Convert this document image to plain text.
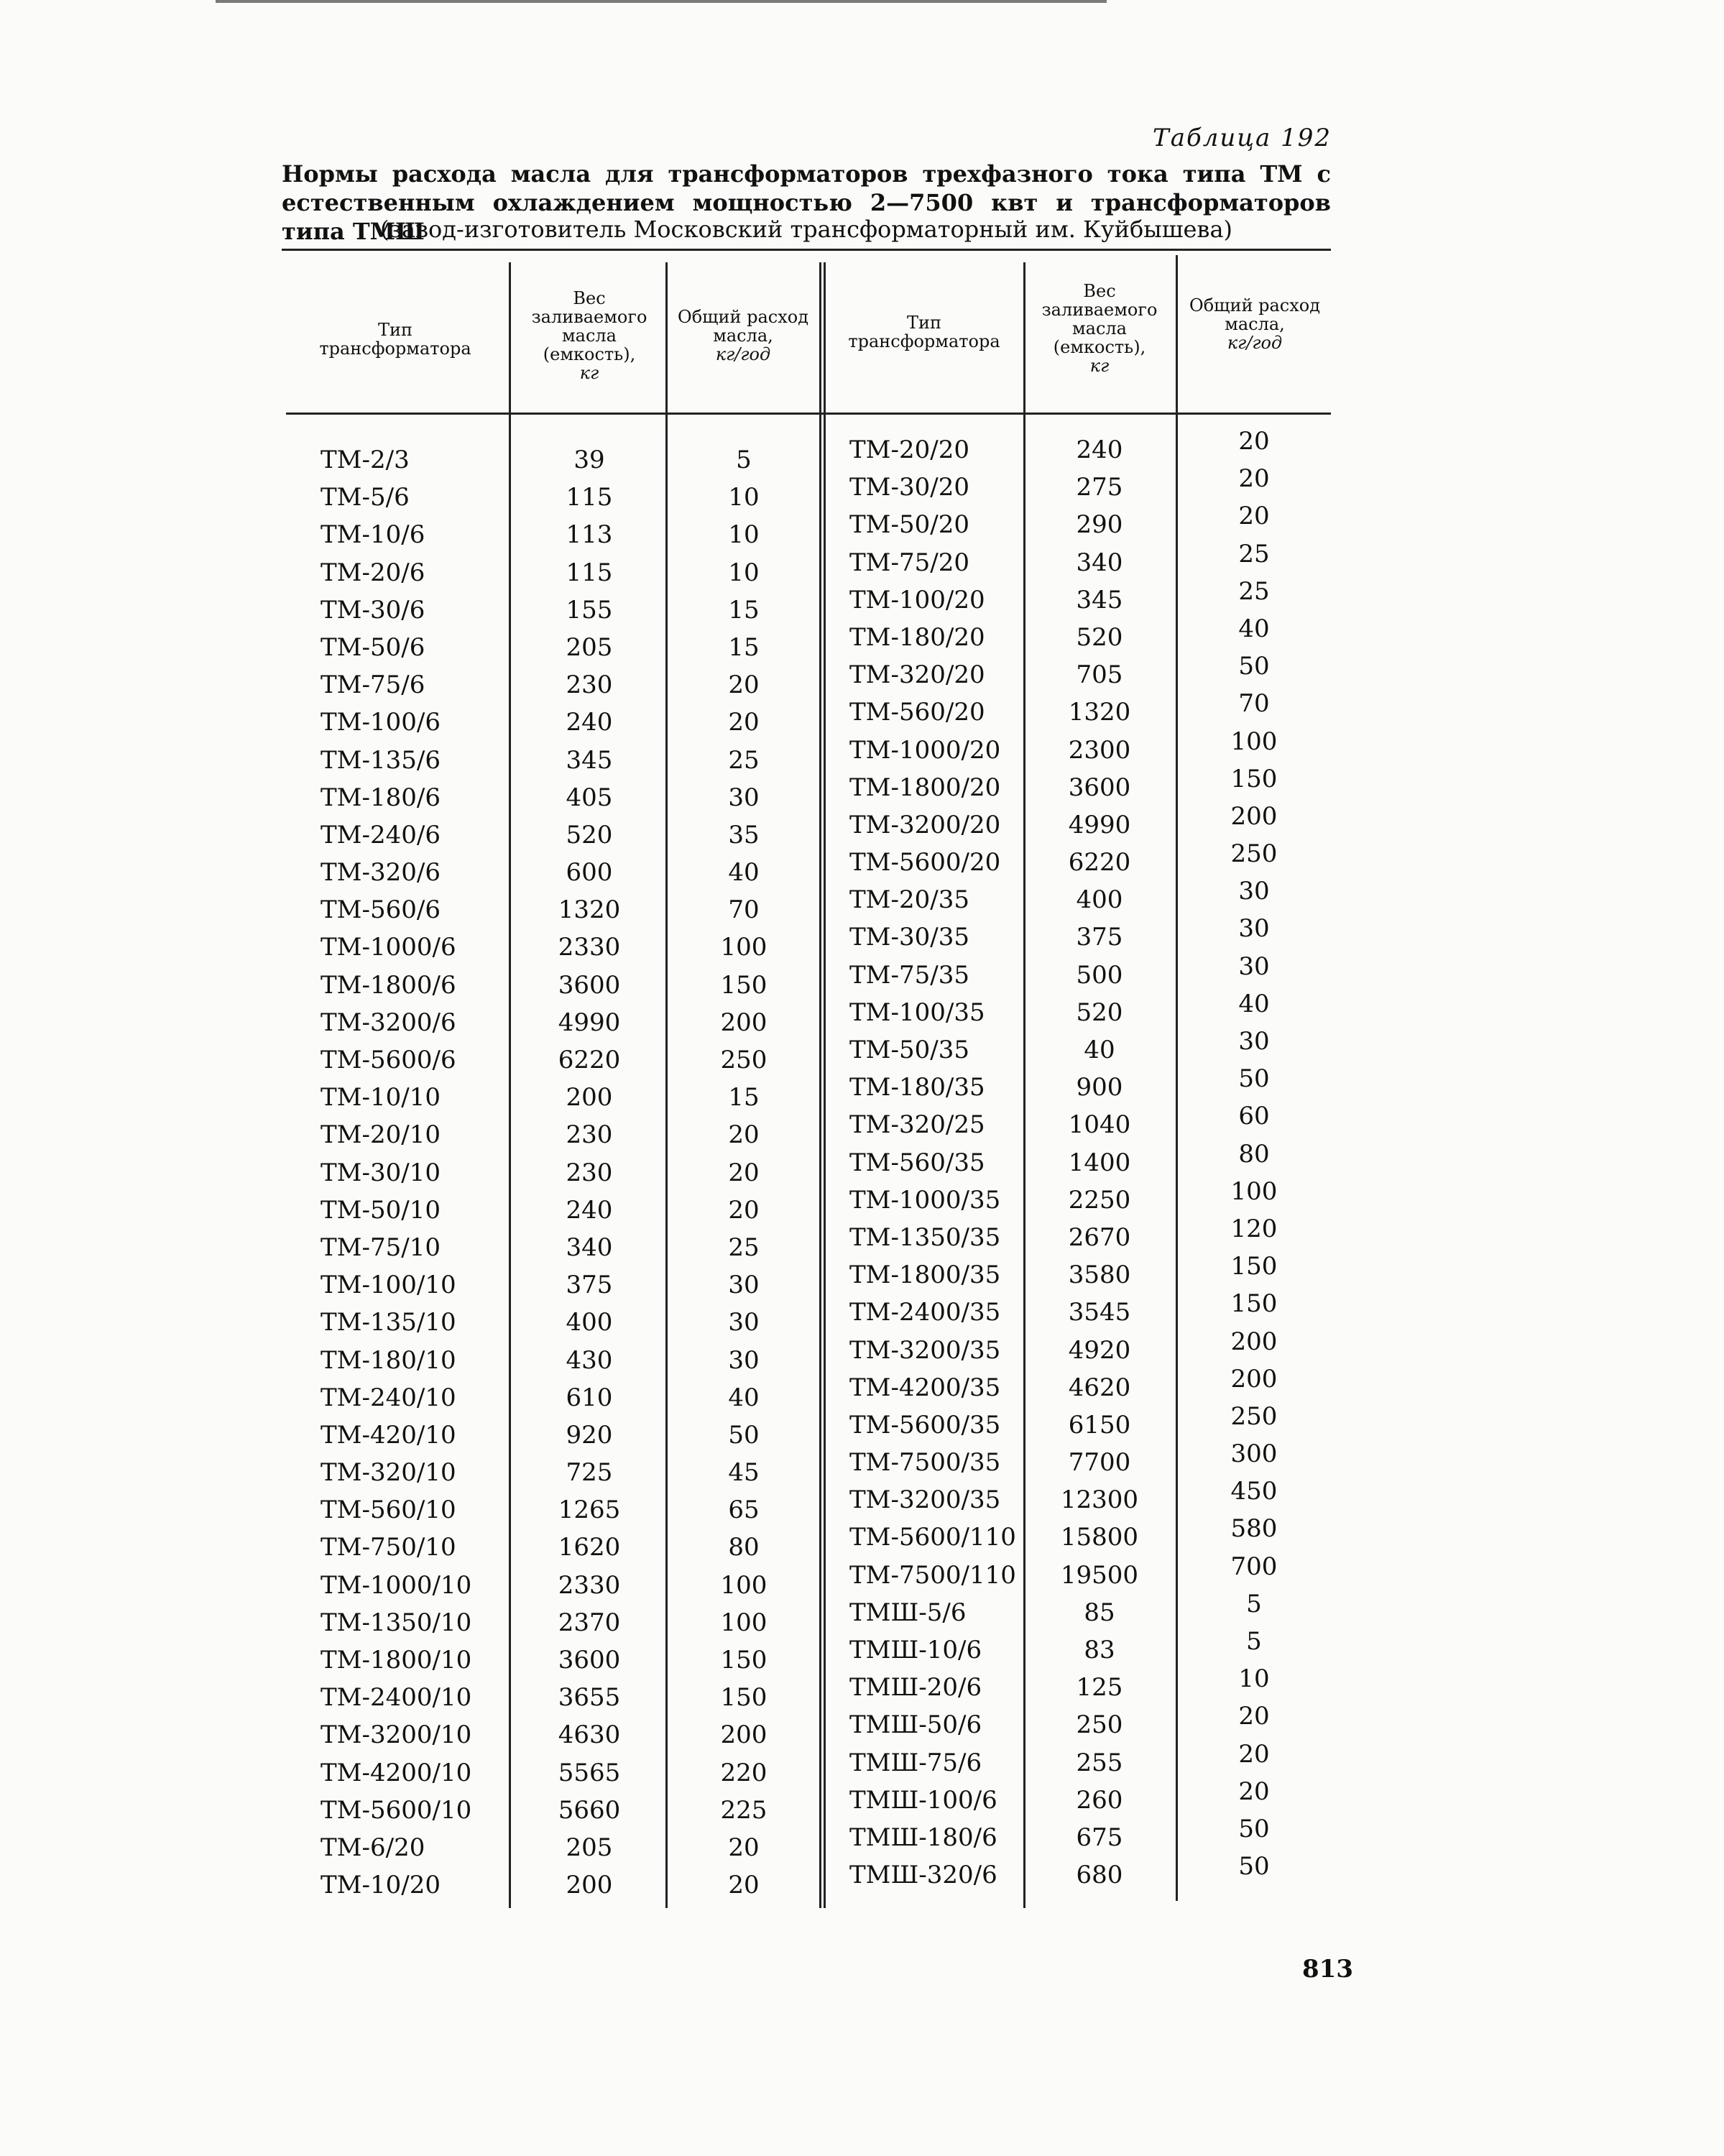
Таблица 192
Нормы расхода масла для трансформаторов трехфазного тока типа ТМ с естественным охлаждением мощностью 2—7500 квт и трансформаторов типа ТМШ
(завод-изготовитель Московский трансформаторный им. Куйбышева)
Тип трансформатора
Вес заливаемого масла (емкость),
кг
Общий расход масла,
кг/год
Тип трансформатора
Вес заливаемого масла (емкость),
кг
Общий расход масла,
кг/год
ТМ-2/3
ТМ-5/6
ТМ-10/6
ТМ-20/6
ТМ-30/6
ТМ-50/6
ТМ-75/6
ТМ-100/6
ТМ-135/6
ТМ-180/6
ТМ-240/6
ТМ-320/6
ТМ-560/6
ТМ-1000/6
ТМ-1800/6
ТМ-3200/6
ТМ-5600/6
ТМ-10/10
ТМ-20/10
ТМ-30/10
ТМ-50/10
ТМ-75/10
ТМ-100/10
ТМ-135/10
ТМ-180/10
ТМ-240/10
ТМ-420/10
ТМ-320/10
ТМ-560/10
ТМ-750/10
ТМ-1000/10
ТМ-1350/10
ТМ-1800/10
ТМ-2400/10
ТМ-3200/10
ТМ-4200/10
ТМ-5600/10
ТМ-6/20
ТМ-10/20
39
115
113
115
155
205
230
240
345
405
520
600
1320
2330
3600
4990
6220
200
230
230
240
340
375
400
430
610
920
725
1265
1620
2330
2370
3600
3655
4630
5565
5660
205
200
5
10
10
10
15
15
20
20
25
30
35
40
70
100
150
200
250
15
20
20
20
25
30
30
30
40
50
45
65
80
100
100
150
150
200
220
225
20
20
ТМ-20/20
ТМ-30/20
ТМ-50/20
ТМ-75/20
ТМ-100/20
ТМ-180/20
ТМ-320/20
ТМ-560/20
ТМ-1000/20
ТМ-1800/20
ТМ-3200/20
ТМ-5600/20
ТМ-20/35
ТМ-30/35
ТМ-75/35
ТМ-100/35
ТМ-50/35
ТМ-180/35
ТМ-320/25
ТМ-560/35
ТМ-1000/35
ТМ-1350/35
ТМ-1800/35
ТМ-2400/35
ТМ-3200/35
ТМ-4200/35
ТМ-5600/35
ТМ-7500/35
ТМ-3200/35
ТМ-5600/110
ТМ-7500/110
ТМШ-5/6
ТМШ-10/6
ТМШ-20/6
ТМШ-50/6
ТМШ-75/6
ТМШ-100/6
ТМШ-180/6
ТМШ-320/6
240
275
290
340
345
520
705
1320
2300
3600
4990
6220
400
375
500
520
40
900
1040
1400
2250
2670
3580
3545
4920
4620
6150
7700
12300
15800
19500
85
83
125
250
255
260
675
680
20
20
20
25
25
40
50
70
100
150
200
250
30
30
30
40
30
50
60
80
100
120
150
150
200
200
250
300
450
580
700
5
5
10
20
20
20
50
50
813
